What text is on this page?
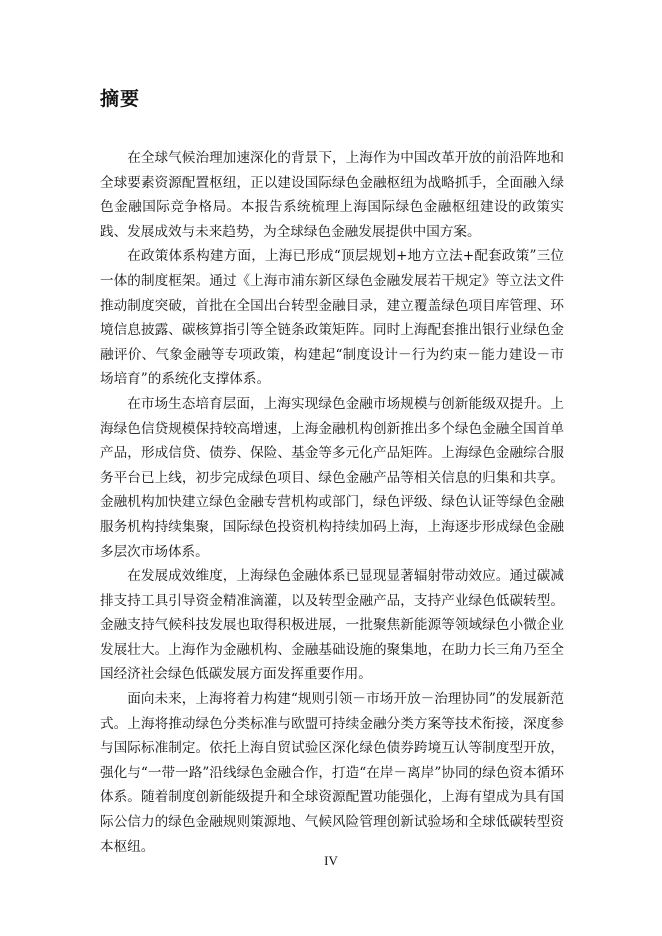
摘要

在全球气候治理加速深化的背景下，上海作为中国改革开放的前沿阵地和全球要素资源配置枢纽，正以建设国际绿色金融枢纽为战略抓手，全面融入绿色金融国际竞争格局。本报告系统梳理上海国际绿色金融枢纽建设的政策实践、发展成效与未来趋势，为全球绿色金融发展提供中国方案。

在政策体系构建方面，上海已形成“顶层规划+地方立法+配套政策”三位一体的制度框架。通过《上海市浦东新区绿色金融发展若干规定》等立法文件推动制度突破，首批在全国出台转型金融目录，建立覆盖绿色项目库管理、环境信息披露、碳核算指引等全链条政策矩阵。同时上海配套推出银行业绿色金融评价、气象金融等专项政策，构建起“制度设计－行为约束－能力建设－市场培育”的系统化支撑体系。

在市场生态培育层面，上海实现绿色金融市场规模与创新能级双提升。上海绿色信贷规模保持较高增速，上海金融机构创新推出多个绿色金融全国首单产品，形成信贷、债券、保险、基金等多元化产品矩阵。上海绿色金融综合服务平台已上线，初步完成绿色项目、绿色金融产品等相关信息的归集和共享。金融机构加快建立绿色金融专营机构或部门，绿色评级、绿色认证等绿色金融服务机构持续集聚，国际绿色投资机构持续加码上海，上海逐步形成绿色金融多层次市场体系。

在发展成效维度，上海绿色金融体系已显现显著辐射带动效应。通过碳减排支持工具引导资金精准滴灌，以及转型金融产品，支持产业绿色低碳转型。金融支持气候科技发展也取得积极进展，一批聚焦新能源等领域绿色小微企业发展壮大。上海作为金融机构、金融基础设施的聚集地，在助力长三角乃至全国经济社会绿色低碳发展方面发挥重要作用。

面向未来，上海将着力构建“规则引领－市场开放－治理协同”的发展新范式。上海将推动绿色分类标准与欧盟可持续金融分类方案等技术衔接，深度参与国际标准制定。依托上海自贸试验区深化绿色债券跨境互认等制度型开放，强化与“一带一路”沿线绿色金融合作，打造“在岸－离岸”协同的绿色资本循环体系。随着制度创新能级提升和全球资源配置功能强化，上海有望成为具有国际公信力的绿色金融规则策源地、气候风险管理创新试验场和全球低碳转型资本枢纽。

IV
